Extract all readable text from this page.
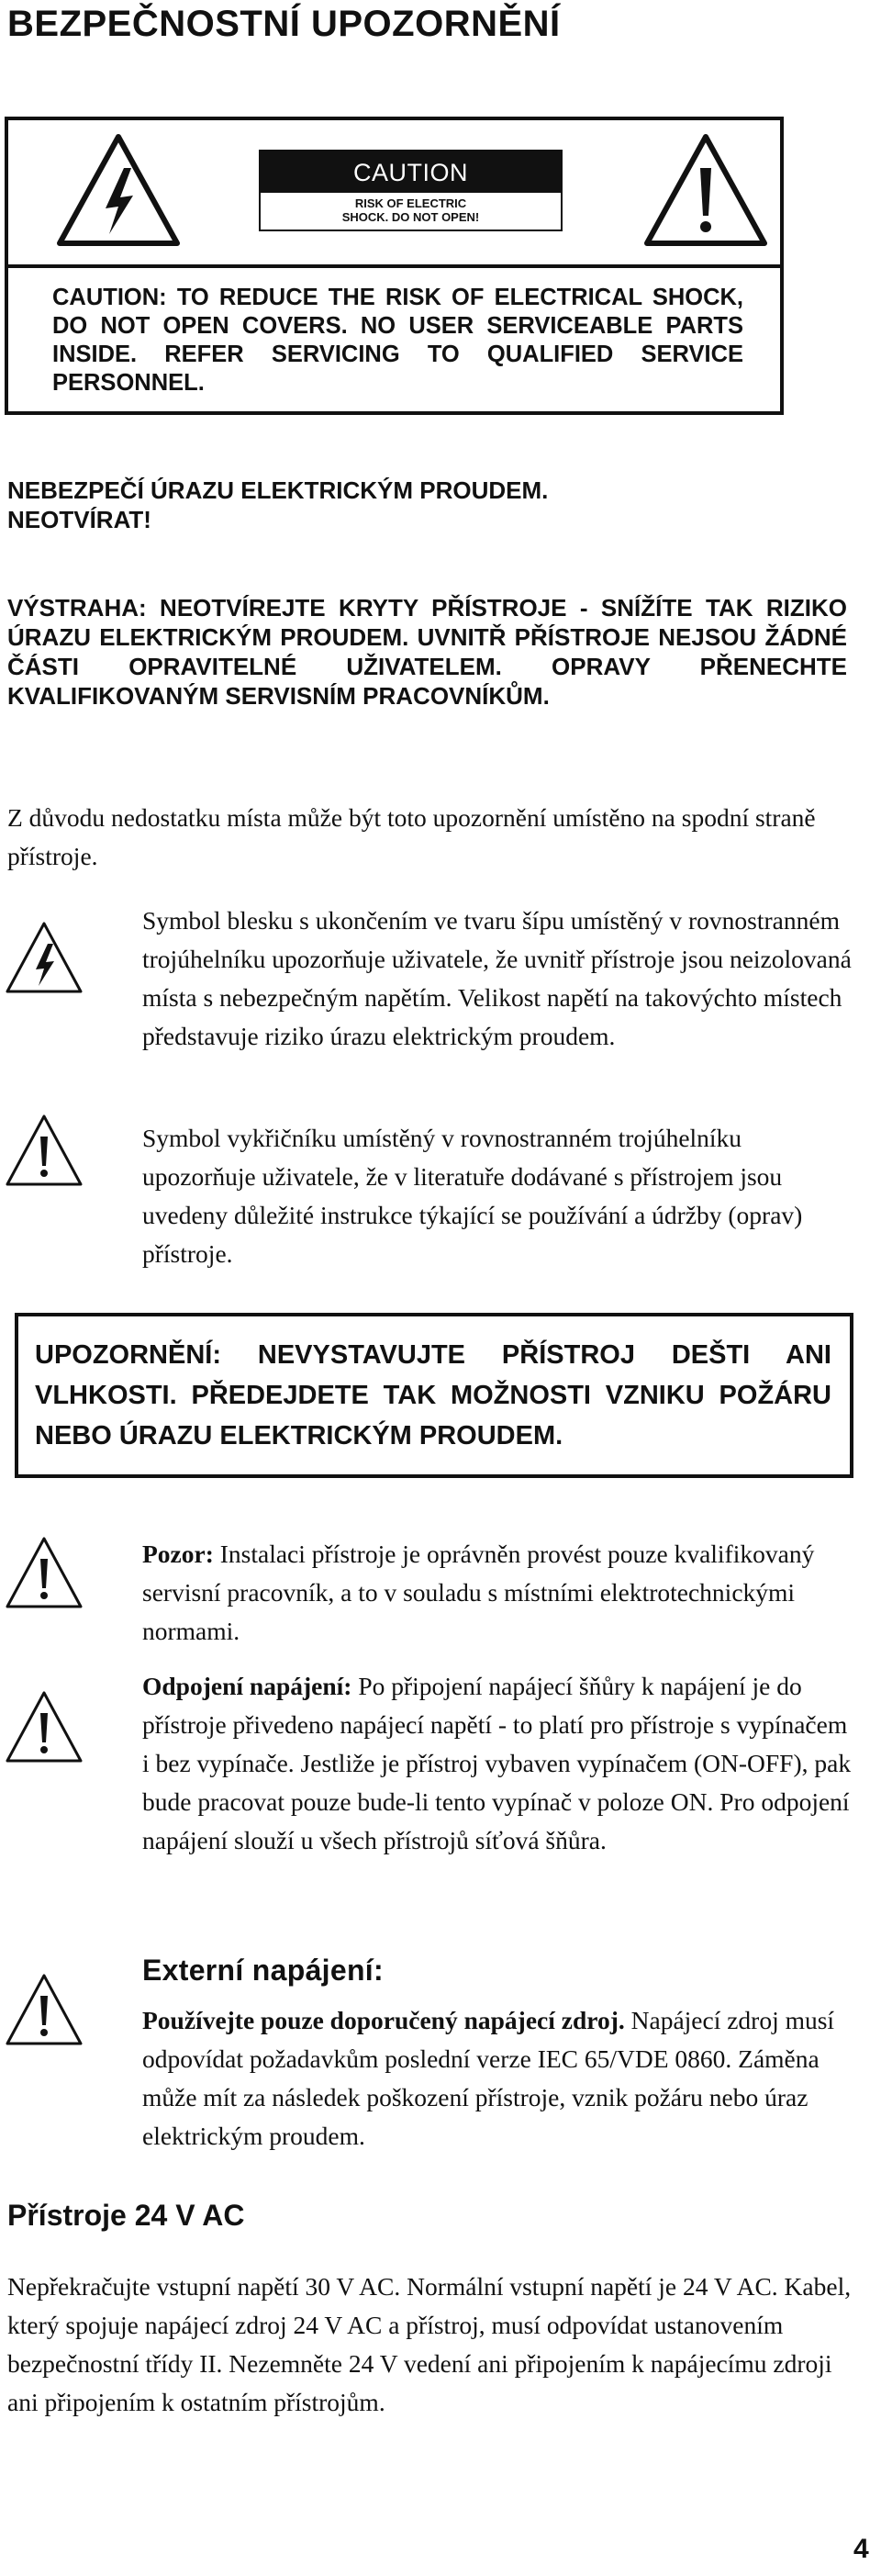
BEZPEČNOSTNÍ UPOZORNĚNÍ
CAUTION
RISK OF ELECTRIC
SHOCK. DO NOT OPEN!
CAUTION: TO REDUCE THE RISK OF ELECTRICAL SHOCK, DO NOT OPEN COVERS. NO USER SERVICEABLE PARTS INSIDE. REFER SERVICING TO QUALIFIED SERVICE PERSONNEL.
NEBEZPEČÍ ÚRAZU ELEKTRICKÝM PROUDEM.
NEOTVÍRAT!
VÝSTRAHA: NEOTVÍREJTE KRYTY PŘÍSTROJE - SNÍŽÍTE TAK RIZIKO ÚRAZU ELEKTRICKÝM PROUDEM. UVNITŘ PŘÍSTROJE NEJSOU ŽÁDNÉ ČÁSTI OPRAVITELNÉ UŽIVATELEM. OPRAVY PŘENECHTE KVALIFIKOVANÝM SERVISNÍM PRACOVNÍKŮM.
Z důvodu nedostatku místa může být toto upozornění umístěno na spodní straně přístroje.
Symbol blesku s ukončením ve tvaru šípu umístěný v rovnostranném trojúhelníku upozorňuje uživatele, že uvnitř přístroje jsou neizolovaná místa s nebezpečným napětím. Velikost napětí na takovýchto místech představuje riziko úrazu elektrickým proudem.
Symbol vykřičníku umístěný v rovnostranném trojúhelníku upozorňuje uživatele, že v literatuře dodávané s přístrojem jsou uvedeny důležité instrukce týkající se používání a údržby (oprav) přístroje.
UPOZORNĚNÍ: NEVYSTAVUJTE PŘÍSTROJ DEŠTI ANI VLHKOSTI. PŘEDEJDETE TAK MOŽNOSTI VZNIKU POŽÁRU NEBO ÚRAZU ELEKTRICKÝM PROUDEM.
Pozor: Instalaci přístroje je oprávněn provést pouze kvalifikovaný servisní pracovník, a to v souladu s místními elektrotechnickými normami.
Odpojení napájení: Po připojení napájecí šňůry k napájení je do přístroje přivedeno napájecí napětí - to platí pro přístroje s vypínačem i bez vypínače. Jestliže je přístroj vybaven vypínačem (ON-OFF), pak bude pracovat pouze bude-li tento vypínač v poloze ON. Pro odpojení napájení slouží u všech přístrojů síťová šňůra.
Externí napájení:
Používejte pouze doporučený napájecí zdroj. Napájecí zdroj musí odpovídat požadavkům poslední verze IEC 65/VDE 0860. Záměna může mít za následek poškození přístroje, vznik požáru nebo úraz elektrickým proudem.
Přístroje 24 V AC
Nepřekračujte vstupní napětí 30 V AC. Normální vstupní napětí je 24 V AC. Kabel, který spojuje napájecí zdroj 24 V AC a přístroj, musí odpovídat ustanovením bezpečnostní třídy II. Nezemněte 24 V vedení ani připojením k napájecímu zdroji ani připojením k ostatním přístrojům.
4
